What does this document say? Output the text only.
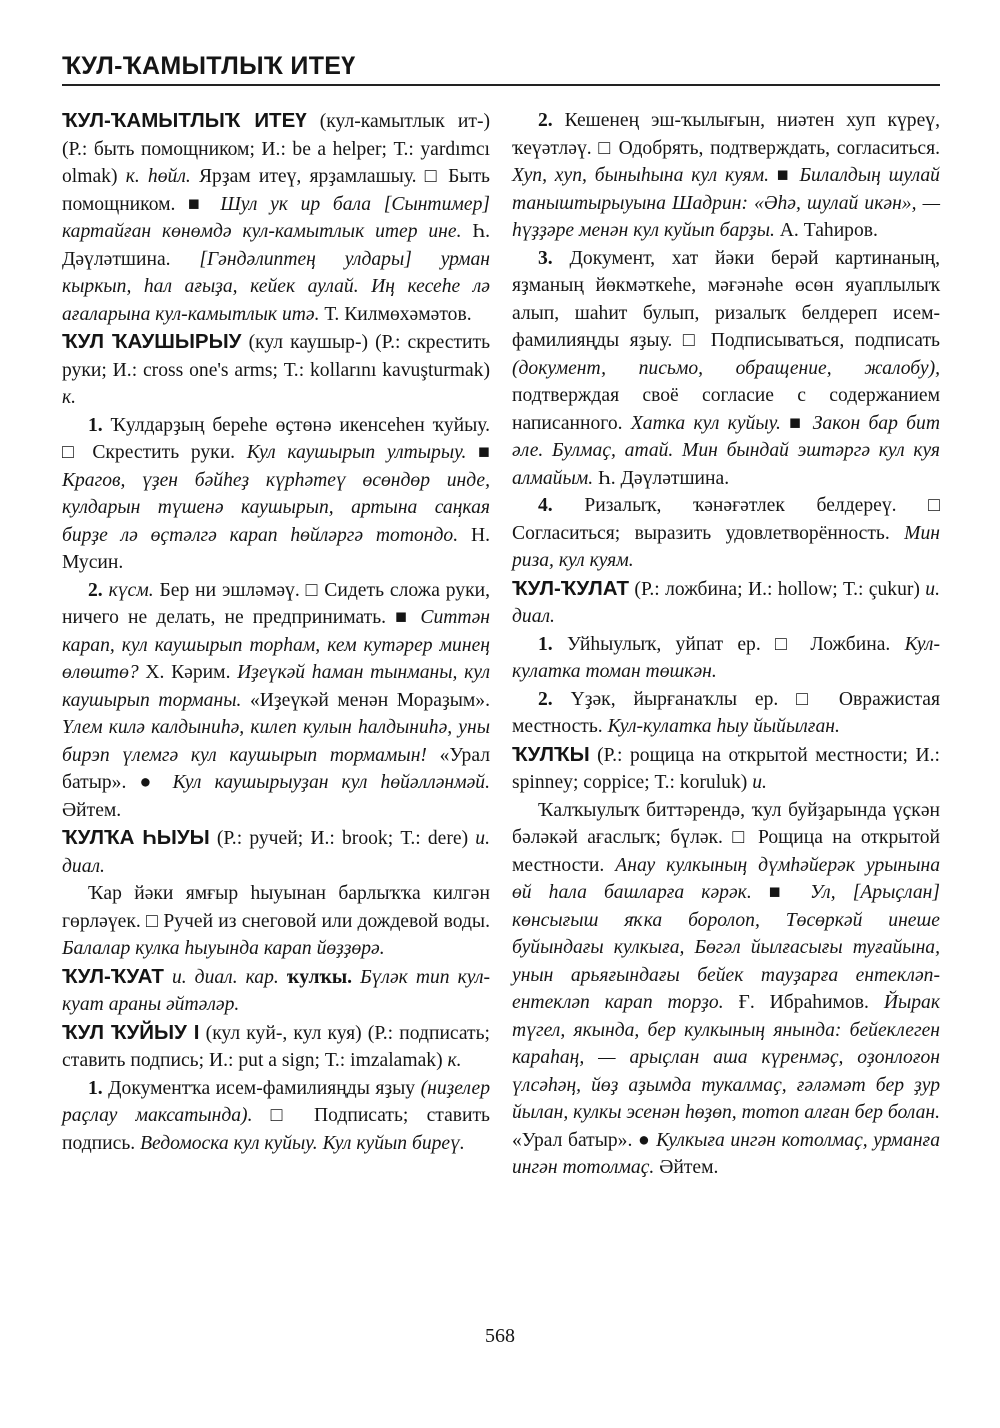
ҠУЛ-ҠАМЫТЛЫҠ ИТЕҮ

ҠУЛ-ҠАМЫТЛЫҠ ИТЕҮ (кул-камытлык ит-) (Р.: быть помощником; И.: be a helper; Т.: yardımcı olmak) к. һөйл. Ярҙам итеү, ярҙамлашыу. □ Быть помощником. ■ Шул ук ир бала [Сынтимер] картайған көнөмдә кул-камытлык итер ине. Һ. Дәүләтшина. [Гәндәлиптең улдары] урман кыркып, һал ағыҙа, кейек аулай. Иң кесеhе лә ағаларына кул-камытлык итә. Т. Килмөхәмәтов.

ҠУЛ ҠАУШЫРЫУ (кул каушыр-) (Р.: скрестить руки; И.: cross one's arms; Т.: kollarını kavuşturmak) к.

1. Ҡулдарҙың береhе өҫтөнә икенсеhен ҡуйыу. □ Скрестить руки. Кул каушырып ултырыу. ■ Крагов, үҙен бәйһеҙ күрһәтеү өсөндөр инде, кулдарын түшенә каушырып, артына саңкая бирҙе лә өҫтәлгә карап hөйләргә тотондо. Н. Мусин.

2. күсм. Бер ни эшләмәү. □ Сидеть сложа руки, ничего не делать, не предпринимать. ■ Ситтән карап, кул каушырып торhам, кем кутәрер минең өлөштө? Х. Кәрим. Иҙеүкәй һаман тынманы, кул каушырып торманы. «Иҙеүкәй менән Мораҙым». Үлем килә калдыниhә, килеп кулын hалдыниhә, уны бирэп үлемгә кул каушырып тормамын! «Урал батыр». ● Кул каушырыуҙан кул hөйәлләнмәй. Әйтем.

ҠУЛҠА ҺЫУЫ (Р.: ручей; И.: brook; Т.: dere) и. диал.

Ҡар йәки ямғыр һыуынан барлыҡҡа килгән гөрләүек. □ Ручей из снеговой или дождевой воды. Балалар кулка hыуында карап йөҙҙөрә.

ҠУЛ-ҠУАТ и. диал. кар. ҡулҡы. Бүләк тип кул-куат араны әйтәләр.

ҠУЛ ҠУЙЫУ I (кул куй-, кул куя) (Р.: подписать; ставить подпись; И.: put a sign; Т.: imzalamak) к.

1. Документҡа исем-фамилияңды яҙыу (ниҙелер раҫлау максатында). □ Подписать; ставить подпись. Ведомоска кул куйыу. Кул куйып биреү.

2. Кешенең эш-ҡылығын, ниәтен хуп күреү, ҡеүәтләү. □ Одобрять, подтверждать, согласиться. Хуп, хуп, быныhына кул куям. ■ Билалдың шулай таныштырыуына Шадрин: «Әһә, шулай икән», — hүҙҙәре менән кул куйып барҙы. А. Таhиров.

3. Документ, хат йәки берәй картинаның, яҙманың йөкмәткеhе, мәғәнәhе өсөн яуаплылыҡ алып, шаhит булып, ризалыҡ белдереп исем-фамилияңды яҙыу. □ Подписываться, подписать (документ, письмо, обращение, жалобу), подтверждая своё согласие с содержанием написанного. Хатка кул куйыу. ■ Закон бар бит әле. Булмаҫ, атай. Мин бындай эштәргә кул куя алмайым. Һ. Дәүләтшина.

4. Ризалыҡ, ҡәнәғәтлек белдереү. □ Согласиться; выразить удовлетворённость. Мин риза, кул куям.

ҠУЛ-ҠУЛАТ (Р.: ложбина; И.: hollow; Т.: çukur) и. диал.

1. Уйhыулыҡ, уйпат ер. □ Ложбина. Кул-кулатка томан төшкән.

2. Үҙәк, йырғанаҡлы ер. □ Овражистая местность. Кул-кулатка hыу йыйылған.

ҠУЛҠЫ (Р.: рощица на открытой местности; И.: spinney; coppice; Т.: koruluk) и.

Ҡалҡыулыҡ биттәрендә, ҡул буйҙарында үҫкән бәләкәй ағаслыҡ; бүләк. □ Рощица на открытой местности. Анау кулкының дүмһәйерәк урынына өй hала башларға кәрәк. ■ Ул, [Арыҫлан] көнсығыш яҡка боролоп, Төсөркәй инеше буйындағы кулкыға, Бөгәл йылғасығы туғайына, унын арьяғындағы бейек тауҙарға ентекләп-ентекләп карап торҙо. Ғ. Ибраhимов. Йырак түгел, якында, бер кулкының янында: бейеклеген караhаң, — арыҫлан аша күренмәҫ, оҙонлоғон үлсәhәң, йөҙ аҙымда тукалмаҫ, ғәләмәт бер ҙур йылан, кулкы эсенән hөҙөп, тотоп алған бер болан. «Урал батыр». ● Кулкыға ингән котолмаҫ, урманға ингән тотолмаҫ. Әйтем.

568
